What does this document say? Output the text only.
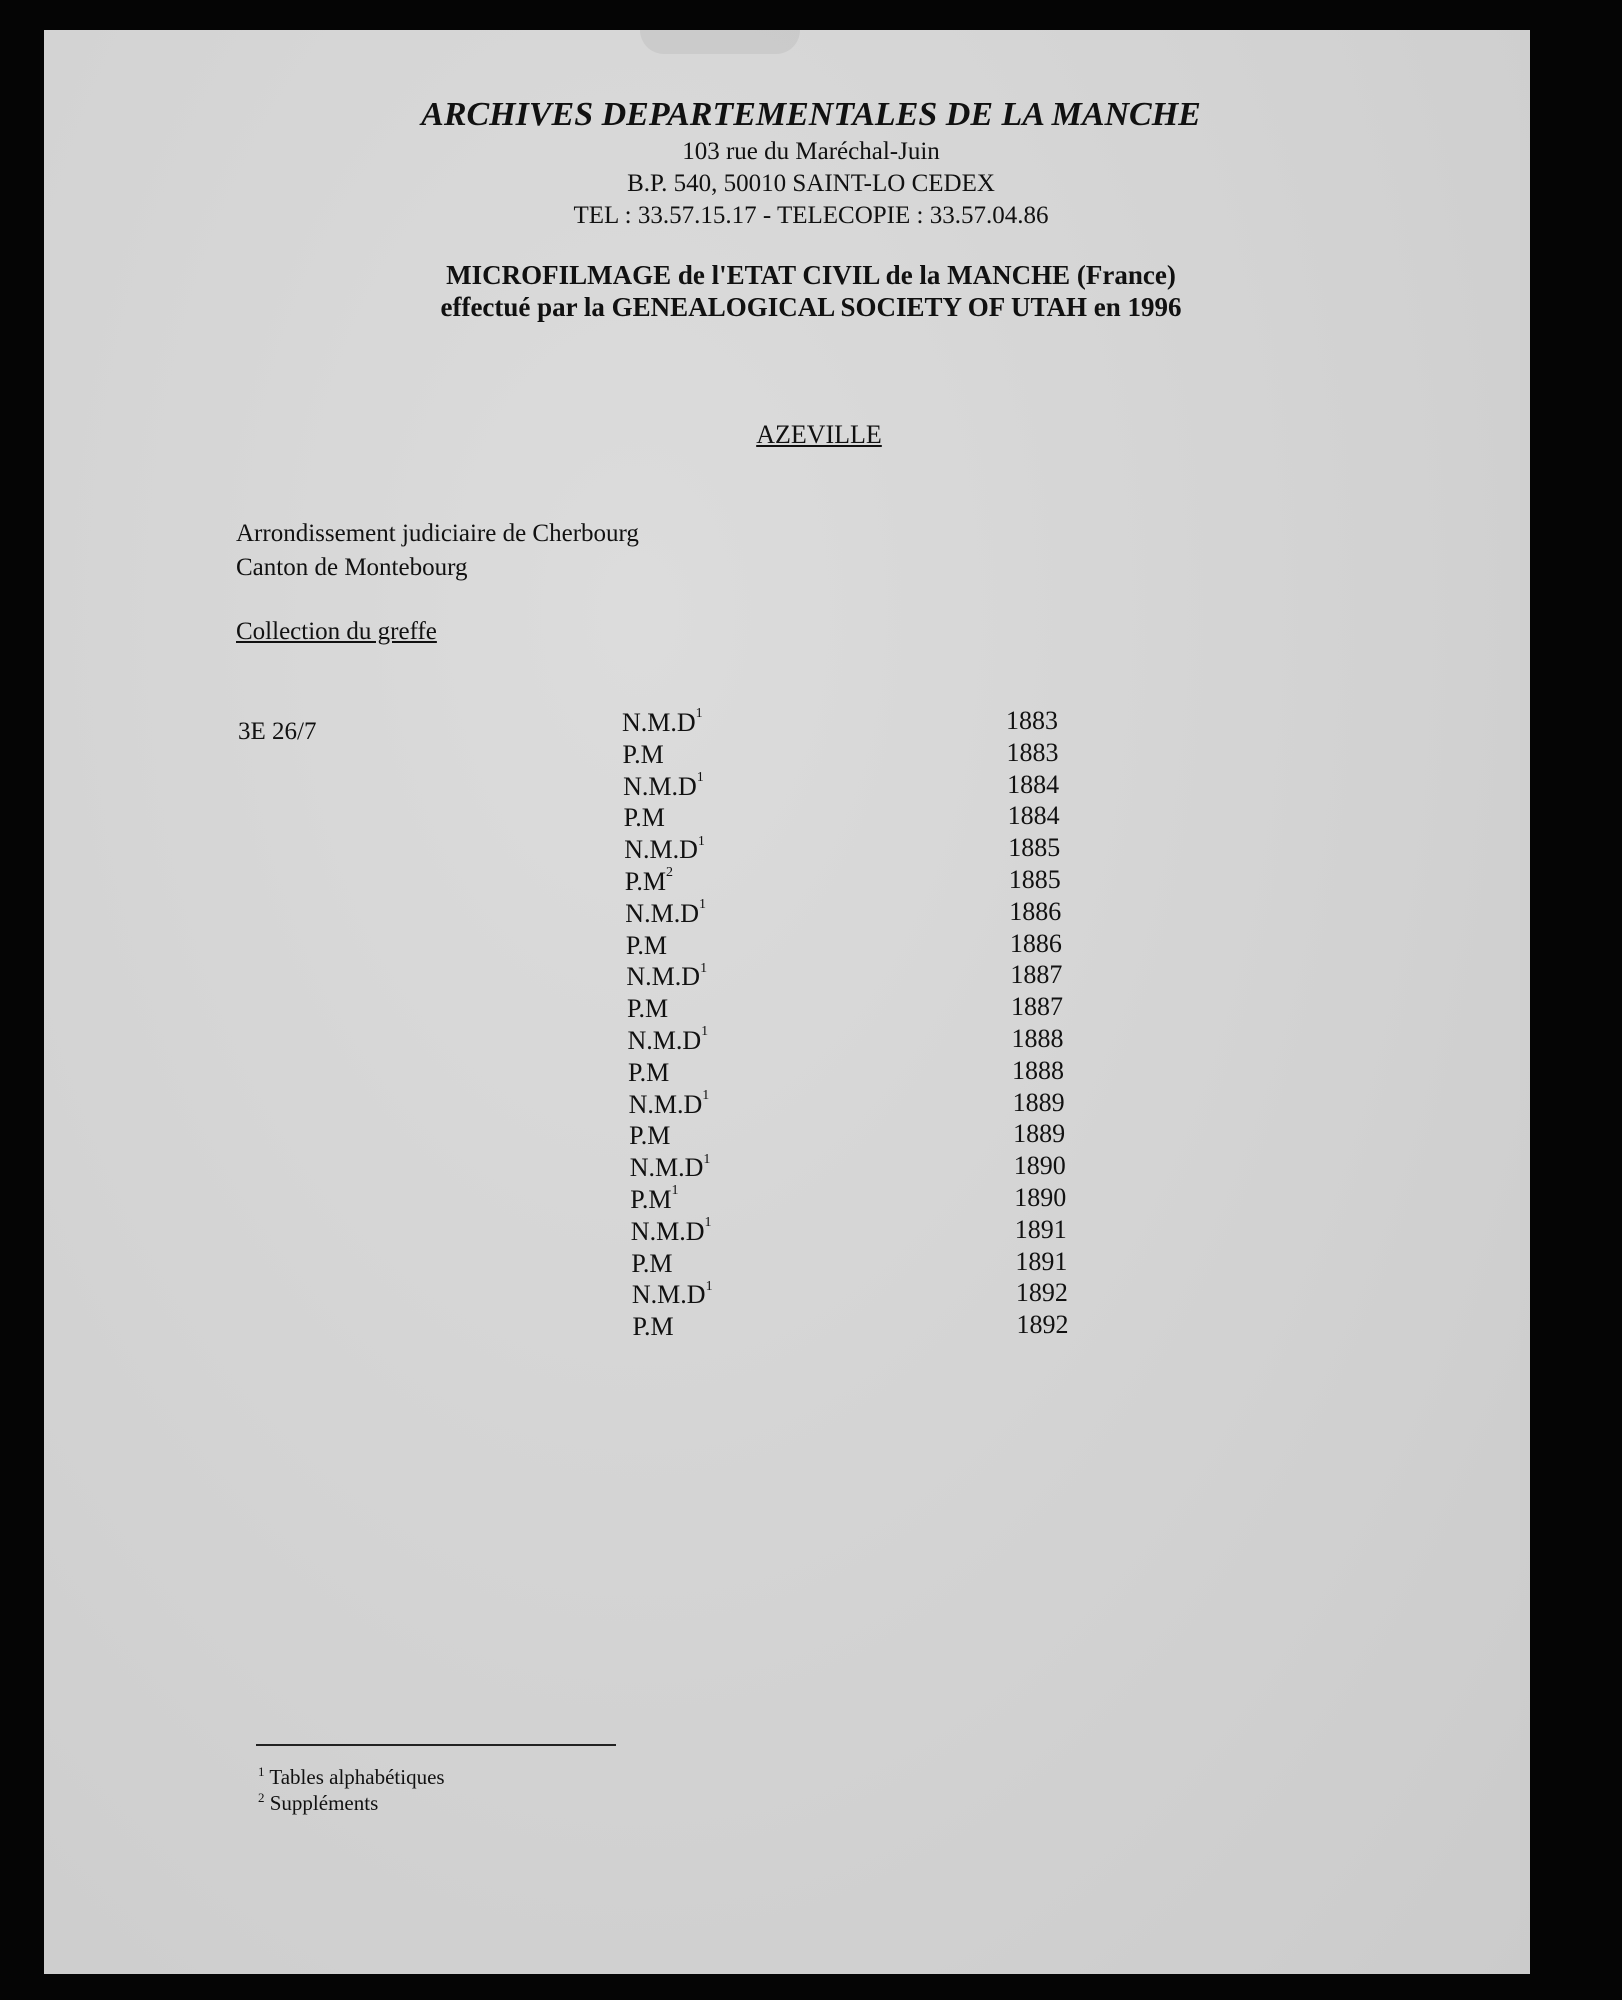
ARCHIVES DEPARTEMENTALES DE LA MANCHE
103 rue du Maréchal-Juin
B.P. 540, 50010 SAINT-LO CEDEX
TEL : 33.57.15.17 - TELECOPIE : 33.57.04.86
MICROFILMAGE de l'ETAT CIVIL de la MANCHE (France)
effectué par la GENEALOGICAL SOCIETY OF UTAH en 1996
AZEVILLE
Arrondissement judiciaire de Cherbourg
Canton de Montebourg
Collection du greffe
3E 26/7	$N.M.D^1$	1883
P.M	1883
$N.M.D^1$	1884
P.M	1884
$N.M.D^1$	1885
$P.M^2$	1885
$N.M.D^1$	1886
P.M	1886
$N.M.D^1$	1887
P.M	1887
$N.M.D^1$	1888
P.M	1888
$N.M.D^1$	1889
P.M	1889
$N.M.D^1$	1890
$P.M^1$	1890
$N.M.D^1$	1891
P.M	1891
$N.M.D^1$	1892
P.M	1892
$^1$ Tables alphabétiques
$^2$ Suppléments
